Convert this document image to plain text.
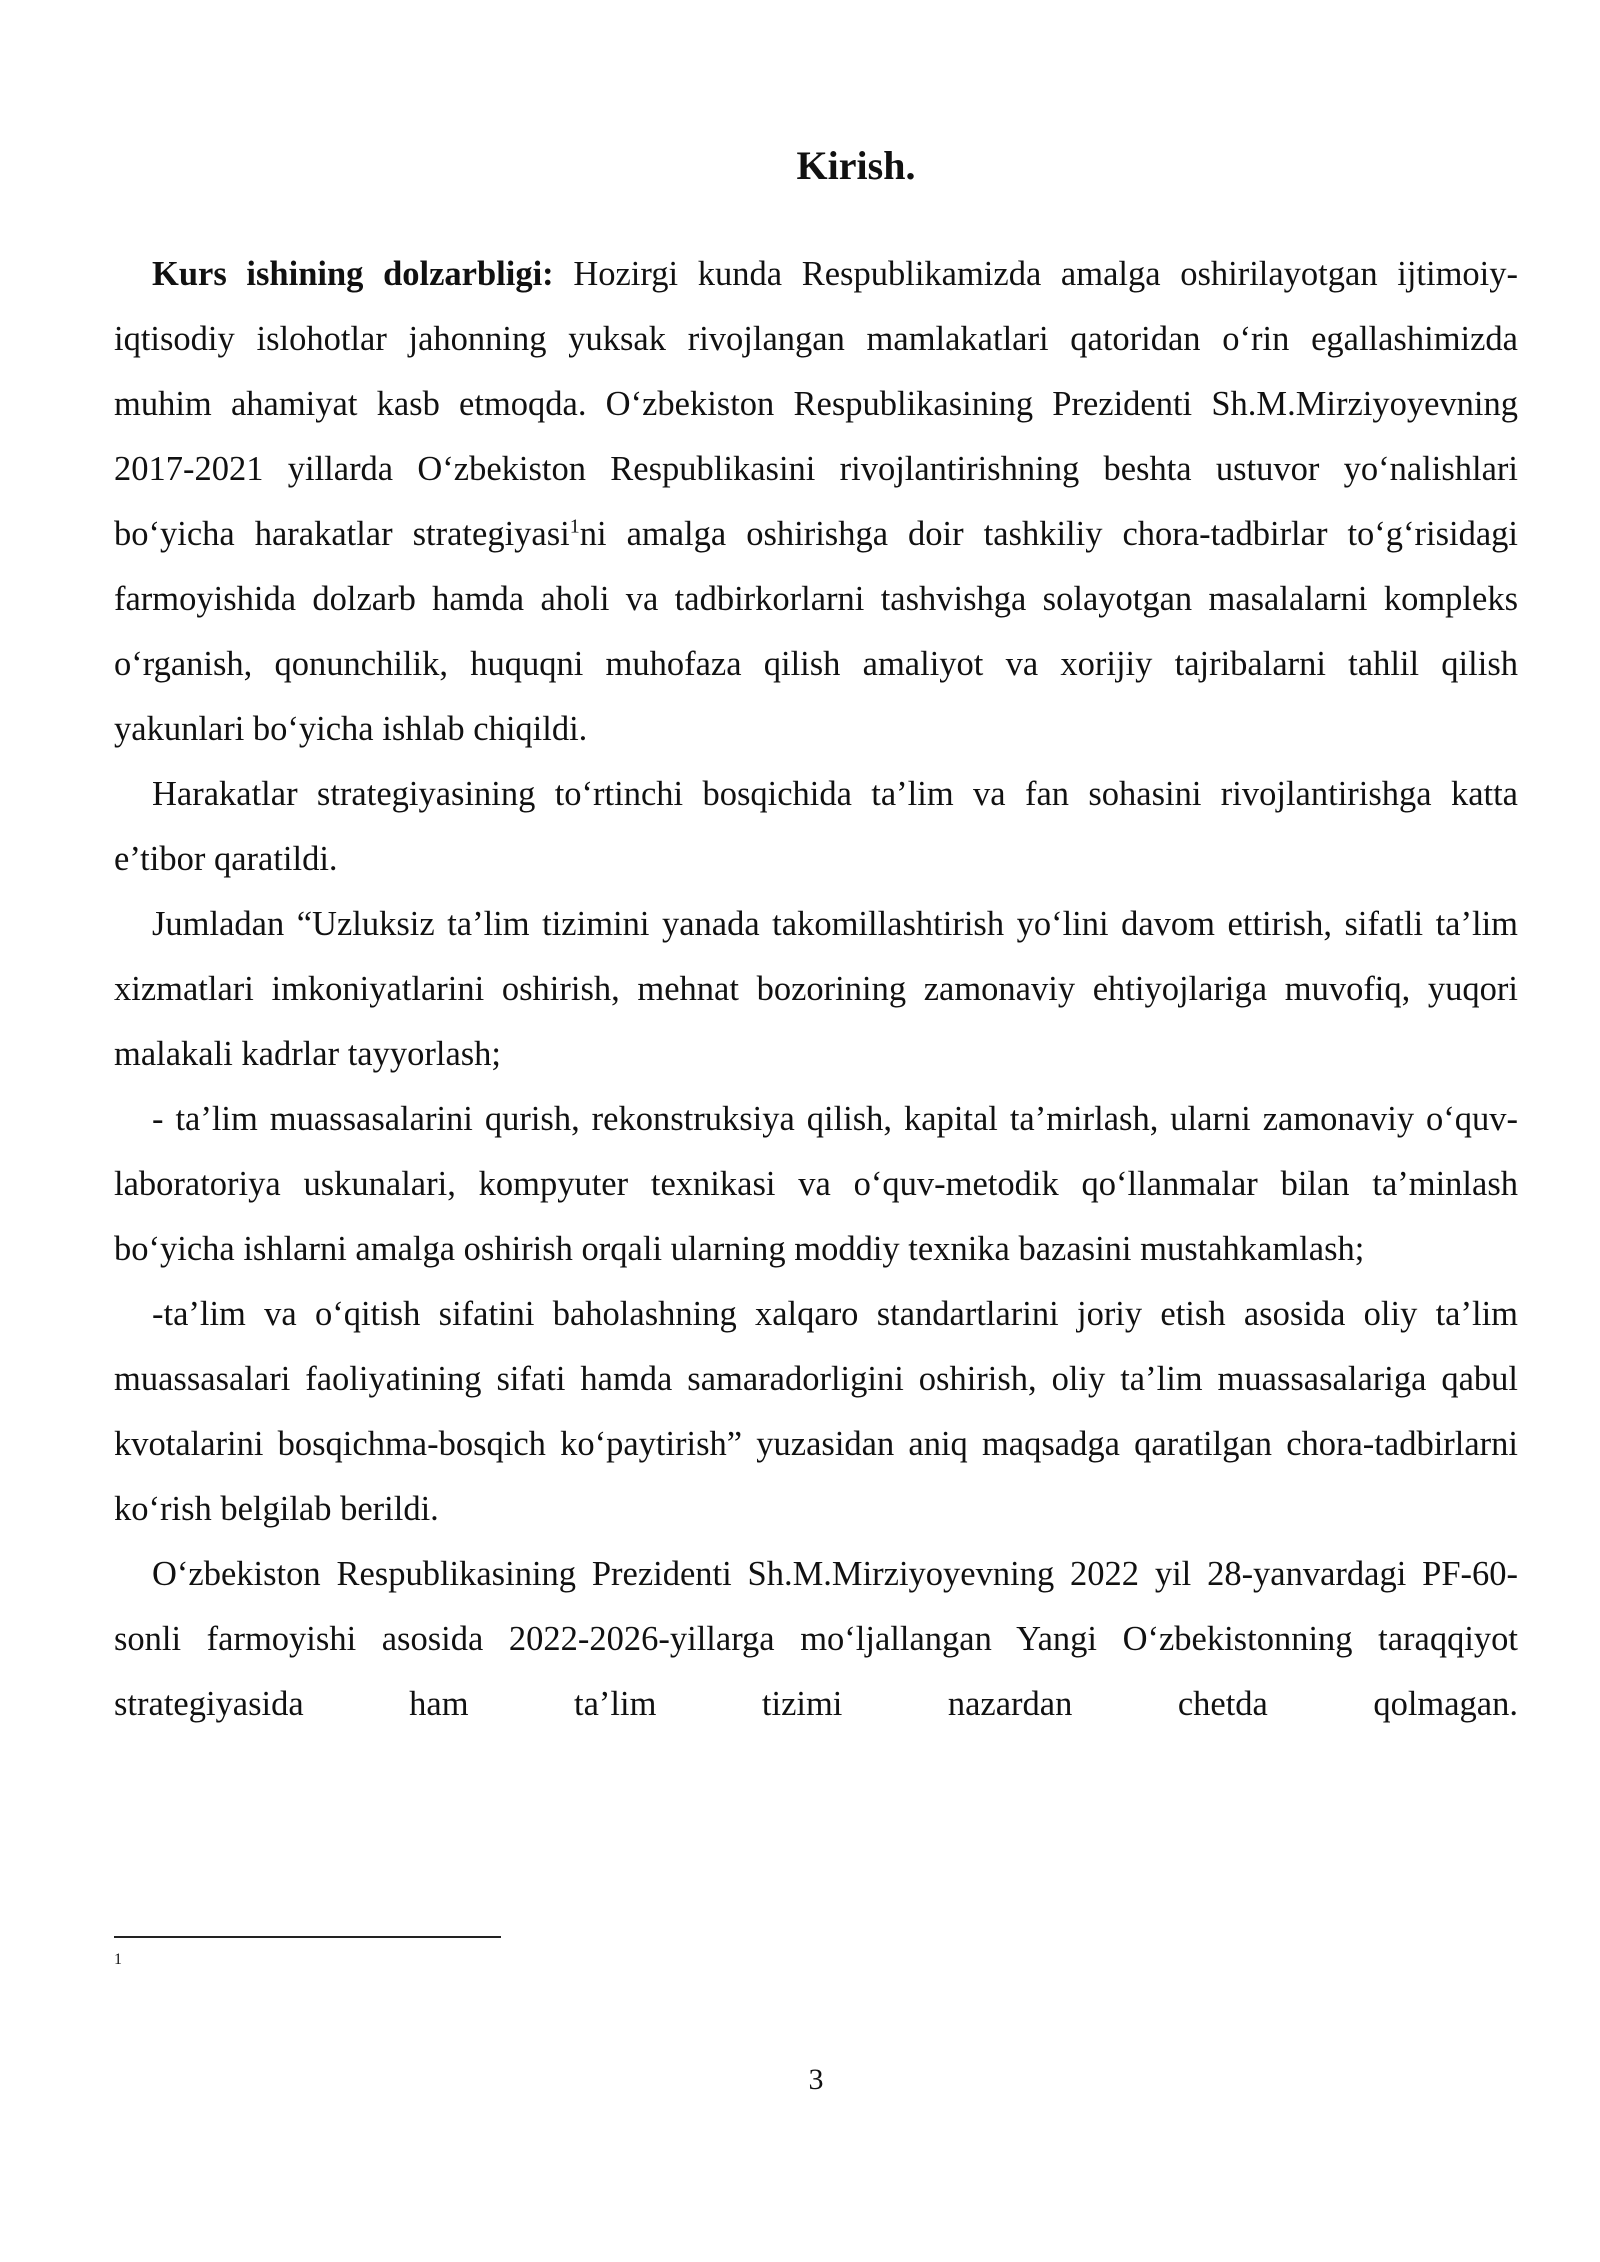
Kirish.

Kurs ishining dolzarbligi: Hozirgi kunda Respublikamizda amalga oshirilayotgan ijtimoiy-iqtisodiy islohotlar jahonning yuksak rivojlangan mamlakatlari qatoridan o‘rin egallashimizda muhim ahamiyat kasb etmoqda. O‘zbekiston Respublikasining Prezidenti Sh.M.Mirziyoyevning 2017-2021 yillarda O‘zbekiston Respublikasini rivojlantirishning beshta ustuvor yo‘nalishlari bo‘yicha harakatlar strategiyasi$^1$ni amalga oshirishga doir tashkiliy chora-tadbirlar to‘g‘risidagi farmoyishida dolzarb hamda aholi va tadbirkorlarni tashvishga solayotgan masalalarni kompleks o‘rganish, qonunchilik, huquqni muhofaza qilish amaliyot va xorijiy tajribalarni tahlil qilish yakunlari bo‘yicha ishlab chiqildi.

Harakatlar strategiyasining to‘rtinchi bosqichida ta’lim va fan sohasini rivojlantirishga katta e’tibor qaratildi.

Jumladan “Uzluksiz ta’lim tizimini yanada takomillashtirish yo‘lini davom ettirish, sifatli ta’lim xizmatlari imkoniyatlarini oshirish, mehnat bozorining zamonaviy ehtiyojlariga muvofiq, yuqori malakali kadrlar tayyorlash;

- ta’lim muassasalarini qurish, rekonstruksiya qilish, kapital ta’mirlash, ularni zamonaviy o‘quv-laboratoriya uskunalari, kompyuter texnikasi va o‘quv-metodik qo‘llanmalar bilan ta’minlash bo‘yicha ishlarni amalga oshirish orqali ularning moddiy texnika bazasini mustahkamlash;

-ta’lim va o‘qitish sifatini baholashning xalqaro standartlarini joriy etish asosida oliy ta’lim muassasalari faoliyatining sifati hamda samaradorligini oshirish, oliy ta’lim muassasalariga qabul kvotalarini bosqichma-bosqich ko‘paytirish” yuzasidan aniq maqsadga qaratilgan chora-tadbirlarni ko‘rish belgilab berildi.

O‘zbekiston Respublikasining Prezidenti Sh.M.Mirziyoyevning 2022 yil 28-yanvardagi PF-60-sonli farmoyishi asosida 2022-2026-yillarga mo‘ljallangan Yangi O‘zbekistonning taraqqiyot strategiyasida ham ta’lim tizimi nazardan chetda qolmagan.

1
3
